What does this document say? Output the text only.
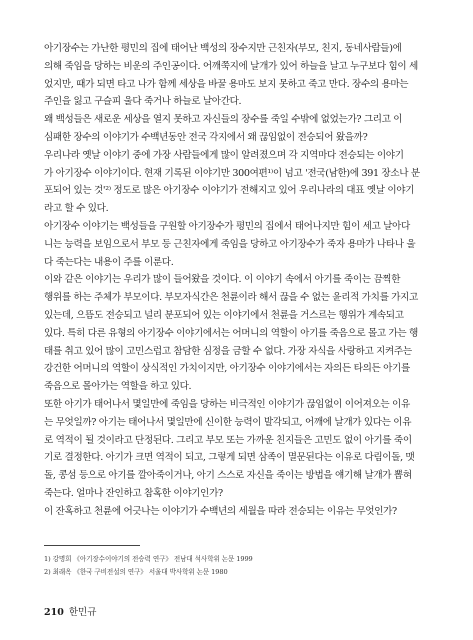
아기장수는 가난한 평민의 집에 태어난 백성의 장수지만 근친자(부모, 친지, 동네사람들)에
의해 죽임을 당하는 비운의 주인공이다. 어깨쭉지에 날개가 있어 하늘을 날고 누구보다 힘이 세
었지만, 때가 되면 타고 나가 함께 세상을 바꿀 용마도 보지 못하고 죽고 만다. 장수의 용마는
주인을 잃고 구슬피 울다 죽거나 하늘로 날아간다.
왜 백성들은 새로운 세상을 열지 못하고 자신들의 장수를 죽일 수밖에 없었는가? 그리고 이
심패한 장수의 이야기가 수백년동안 전국 각지에서 왜 끊임없이 전승되어 왔을까?
우리나라 옛날 이야기 중에 가장 사람들에게 많이 알려졌으며 각 지역마다 전승되는 이야기
가 아기장수 이야기이다. 현재 기록된 이야기만 300여편¹⁾이 넘고 '전국(남한)에 391 장소나 분
포되어 있는 것'²⁾ 정도로 많은 아기장수 이야기가 전해지고 있어 우리나라의 대표 옛날 이야기
라고 할 수 있다.
아기장수 이야기는 백성들을 구원할 아기장수가 평민의 집에서 태어나지만 힘이 세고 날아다
니는 능력을 보임으로서 부모 등 근친자에게 죽임을 당하고 아기장수가 죽자 용마가 나타나 울
다 죽는다는 내용이 주를 이룬다.
이와 같은 이야기는 우리가 많이 들어왔을 것이다. 이 이야기 속에서 아기를 죽이는 끔찍한
행위를 하는 주체가 부모이다. 부모자식간은 천륜이라 해서 끊을 수 없는 윤리적 가치를 가지고
있는데, 으뜸도 전승되고 널리 분포되어 있는 이야기에서 천륜을 거스르는 행위가 계속되고
있다. 특히 다른 유형의 아기장수 이야기에서는 어머니의 역할이 아기를 죽음으로 몰고 가는 행
태를 취고 있어 많이 고민스럽고 참담한 심정을 금할 수 없다. 가장 자식을 사랑하고 지켜주는
강건한 어머니의 역할이 상식적인 가치이지만, 아기장수 이야기에서는 자의든 타의든 아기를
죽음으로 몰아가는 역할을 하고 있다.
또한 아기가 태어나서 몇일만에 죽임을 당하는 비극적인 이야기가 끊임없이 이어져오는 이유
는 무엇일까? 아기는 태어나서 몇일만에 신이한 능력이 발각되고, 어깨에 날개가 있다는 이유
로 역적이 될 것이라고 단정된다. 그리고 부모 또는 가까운 친지들은 고민도 없이 아기를 죽이
기로 결정한다. 아기가 크면 역적이 되고, 그렇게 되면 삼족이 멸문된다는 이유로 다림이돌, 맷
돌, 콩섬 등으로 아기를 깔아죽이거나, 아기 스스로 자신을 죽이는 방법을 얘기해 날개가 뽑혀
죽는다. 얼마나 잔인하고 참혹한 이야기인가?
이 잔혹하고 천륜에 어긋나는 이야기가 수백년의 세월을 따라 전승되는 이유는 무엇인가?
1) 강명희 《아기장수이야기의 전승력 연구》 전남대 석사학위 논문 1999
2) 최래옥 《한국 구비전설의 연구》 서울대 박사학위 논문 1980
210 한민규
